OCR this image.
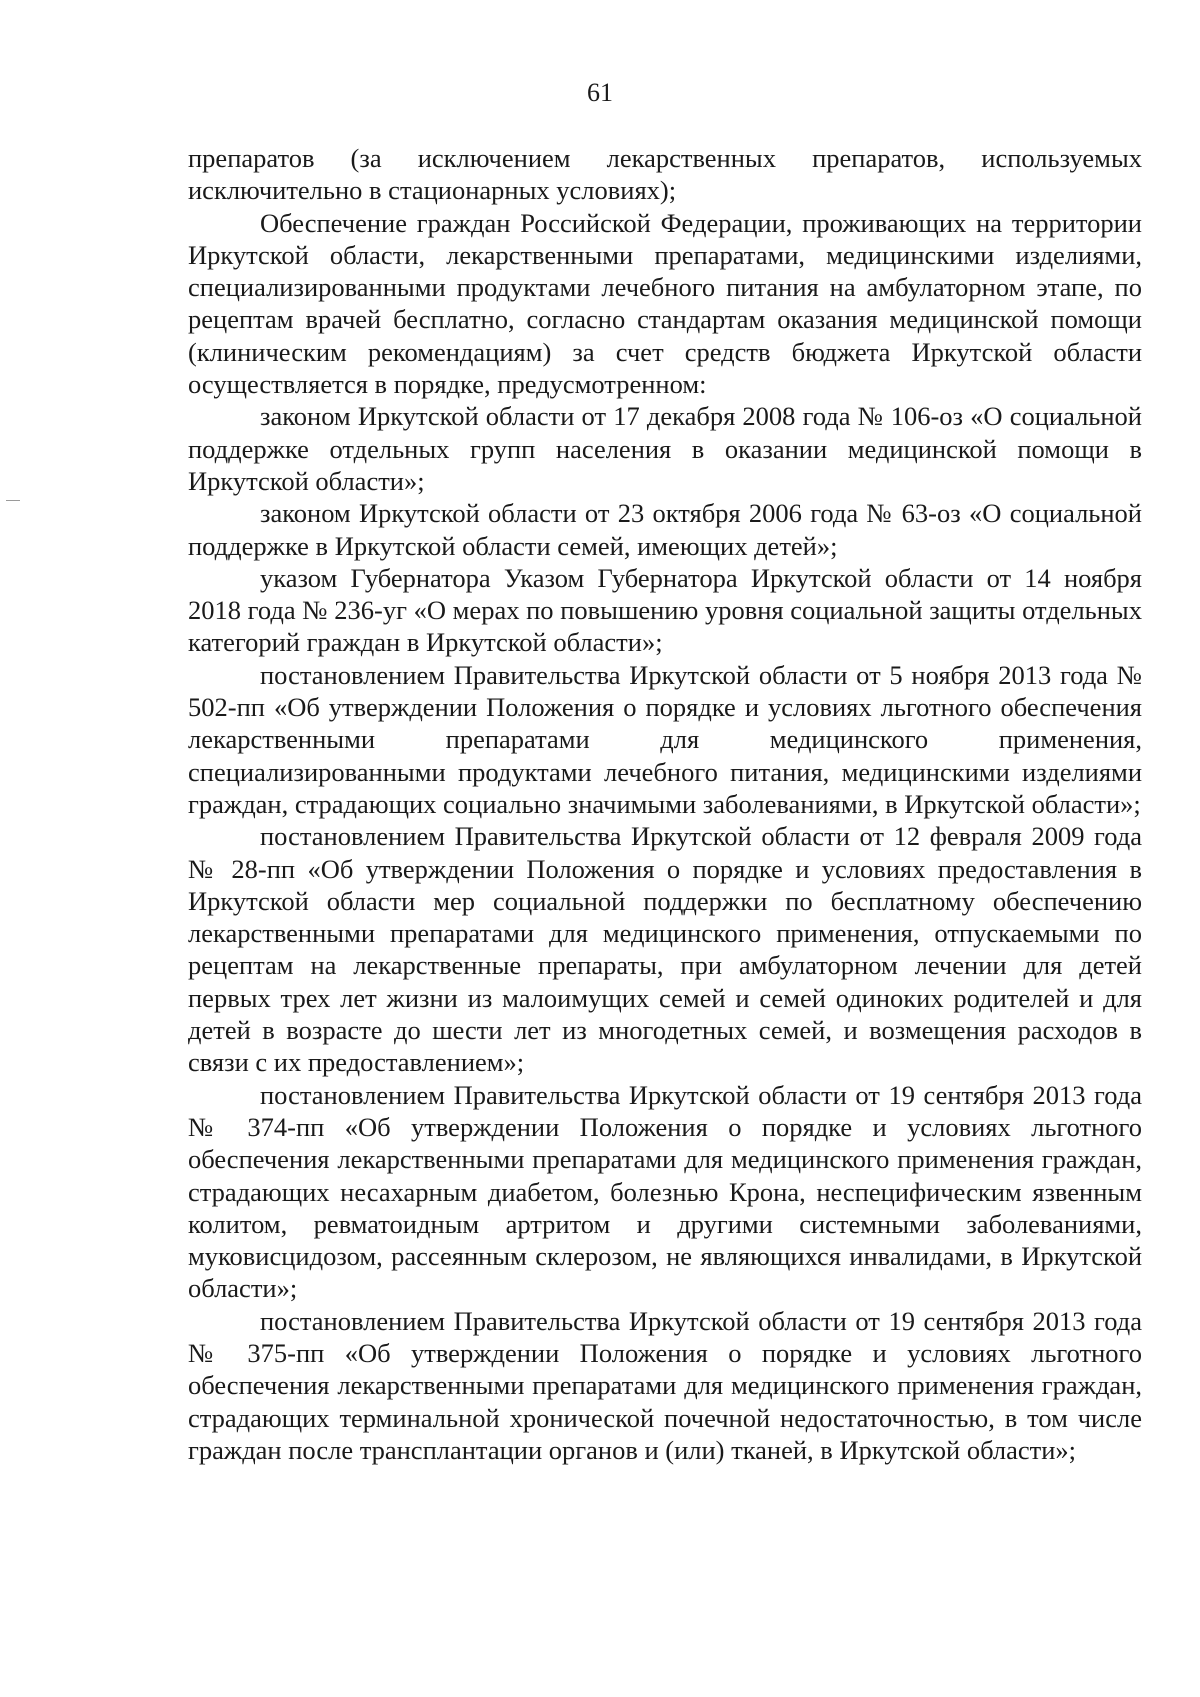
61

препаратов (за исключением лекарственных препаратов, используемых исключительно в стационарных условиях);

Обеспечение граждан Российской Федерации, проживающих на территории Иркутской области, лекарственными препаратами, медицинскими изделиями, специализированными продуктами лечебного питания на амбулаторном этапе, по рецептам врачей бесплатно, согласно стандартам оказания медицинской помощи (клиническим рекомендациям) за счет средств бюджета Иркутской области осуществляется в порядке, предусмотренном:

законом Иркутской области от 17 декабря 2008 года № 106-оз «О социальной поддержке отдельных групп населения в оказании медицинской помощи в Иркутской области»;

законом Иркутской области от 23 октября 2006 года № 63-оз «О социальной поддержке в Иркутской области семей, имеющих детей»;

указом Губернатора Указом Губернатора Иркутской области от 14 ноября 2018 года № 236-уг «О мерах по повышению уровня социальной защиты отдельных категорий граждан в Иркутской области»;

постановлением Правительства Иркутской области от 5 ноября 2013 года № 502-пп «Об утверждении Положения о порядке и условиях льготного обеспечения лекарственными препаратами для медицинского применения, специализированными продуктами лечебного питания, медицинскими изделиями граждан, страдающих социально значимыми заболеваниями, в Иркутской области»;

постановлением Правительства Иркутской области от 12 февраля 2009 года № 28-пп «Об утверждении Положения о порядке и условиях предоставления в Иркутской области мер социальной поддержки по бесплатному обеспечению лекарственными препаратами для медицинского применения, отпускаемыми по рецептам на лекарственные препараты, при амбулаторном лечении для детей первых трех лет жизни из малоимущих семей и семей одиноких родителей и для детей в возрасте до шести лет из многодетных семей, и возмещения расходов в связи с их предоставлением»;

постановлением Правительства Иркутской области от 19 сентября 2013 года № 374-пп «Об утверждении Положения о порядке и условиях льготного обеспечения лекарственными препаратами для медицинского применения граждан, страдающих несахарным диабетом, болезнью Крона, неспецифическим язвенным колитом, ревматоидным артритом и другими системными заболеваниями, муковисцидозом, рассеянным склерозом, не являющихся инвалидами, в Иркутской области»;

постановлением Правительства Иркутской области от 19 сентября 2013 года № 375-пп «Об утверждении Положения о порядке и условиях льготного обеспечения лекарственными препаратами для медицинского применения граждан, страдающих терминальной хронической почечной недостаточностью, в том числе граждан после трансплантации органов и (или) тканей, в Иркутской области»;
